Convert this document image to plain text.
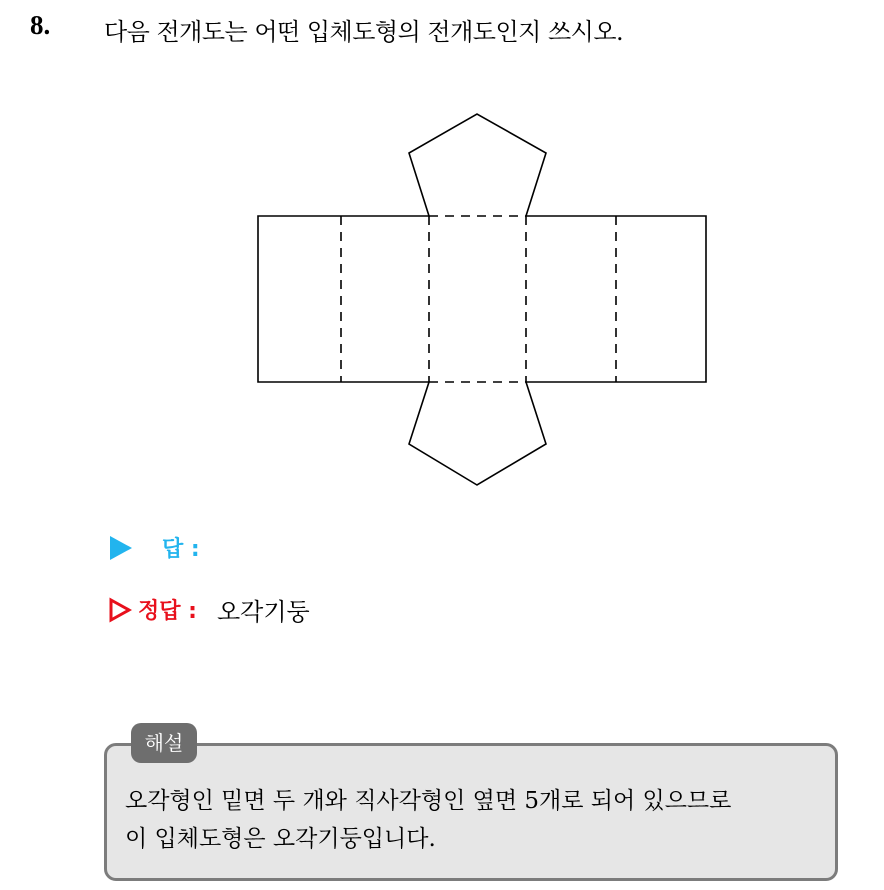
8. 다음 전개도는 어떤 입체도형의 전개도인지 쓰시오.
답 :
정답 : 오각기둥
해설
오각형인 밑면 두 개와 직사각형인 옆면 5개로 되어 있으므로
이 입체도형은 오각기둥입니다.
